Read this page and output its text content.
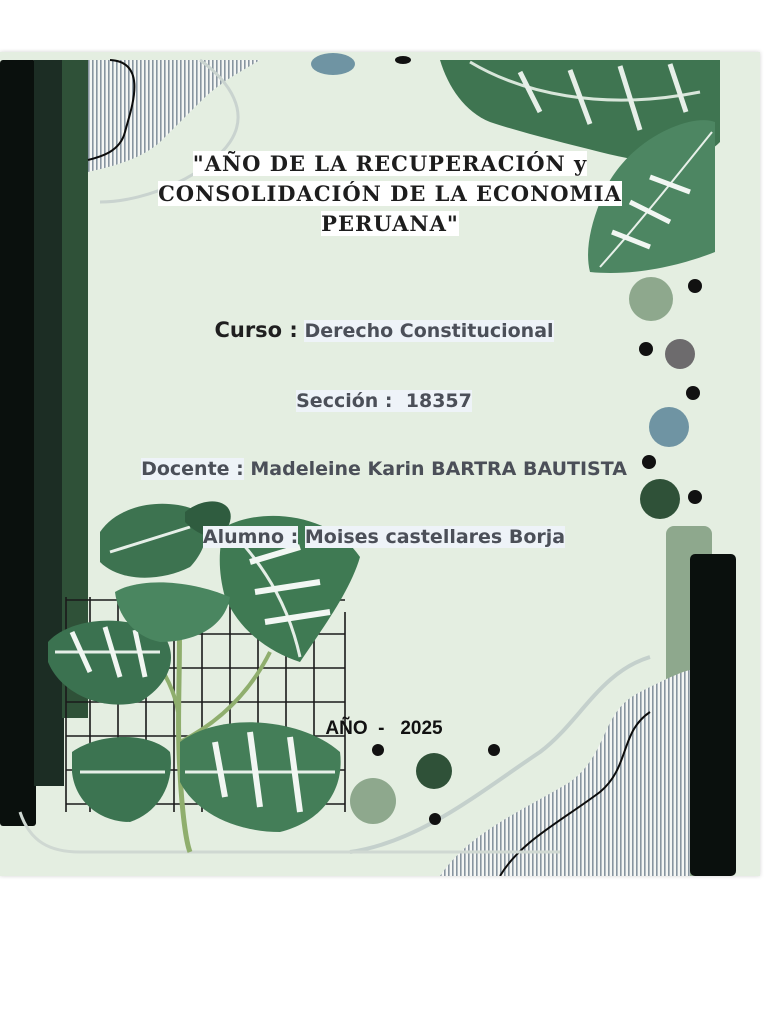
"AÑO DE LA RECUPERACIÓN y
CONSOLIDACIÓN DE LA ECONOMIA
PERUANA"
Curso : Derecho Constitucional
Sección : 18357
Docente : Madeleine Karin BARTRA BAUTISTA
Alumno : Moises castellares Borja
AÑO - 2025
